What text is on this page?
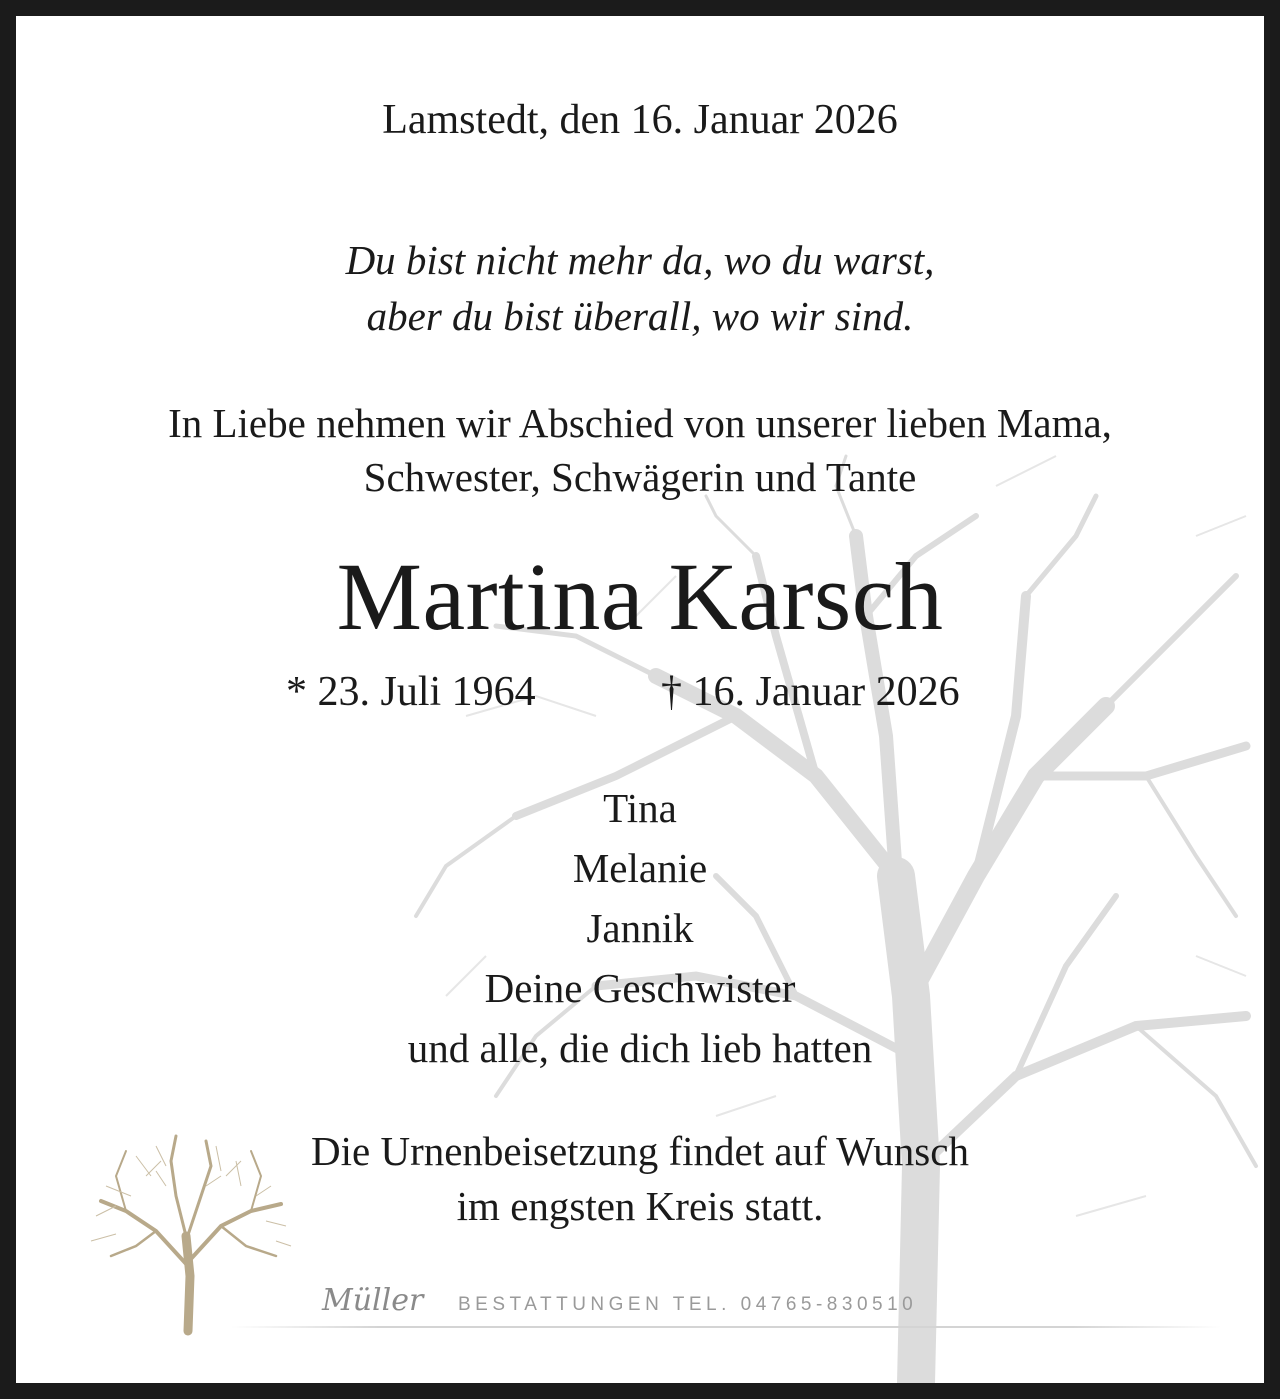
Lamstedt, den 16. Januar 2026
Du bist nicht mehr da, wo du warst,
aber du bist überall, wo wir sind.
In Liebe nehmen wir Abschied von unserer lieben Mama,
Schwester, Schwägerin und Tante
Martina Karsch
* 23. Juli 1964	† 16. Januar 2026
Tina
Melanie
Jannik
Deine Geschwister
und alle, die dich lieb hatten
Die Urnenbeisetzung findet auf Wunsch
im engsten Kreis statt.
Müller BESTATTUNGEN TEL. 04765-830510
